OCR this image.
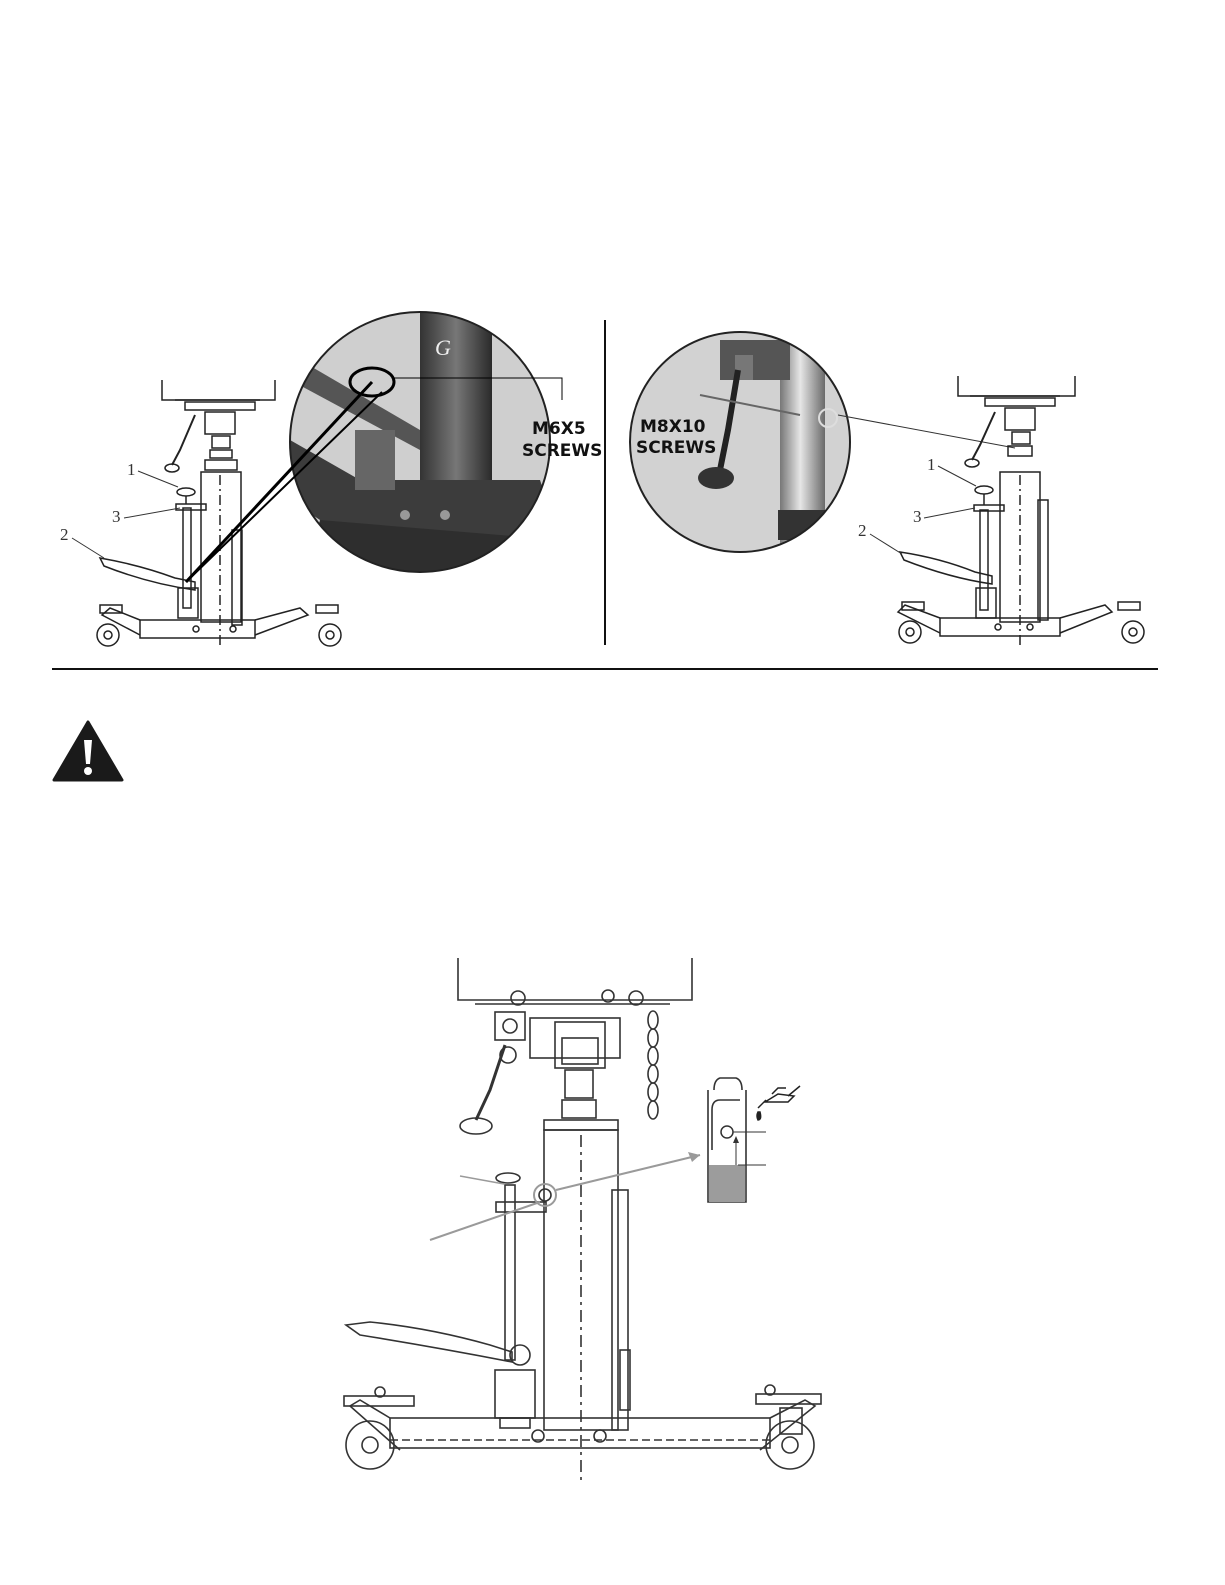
1
2
3
G
M6X5
SCREWS
M8X10
SCREWS
1
2
3
